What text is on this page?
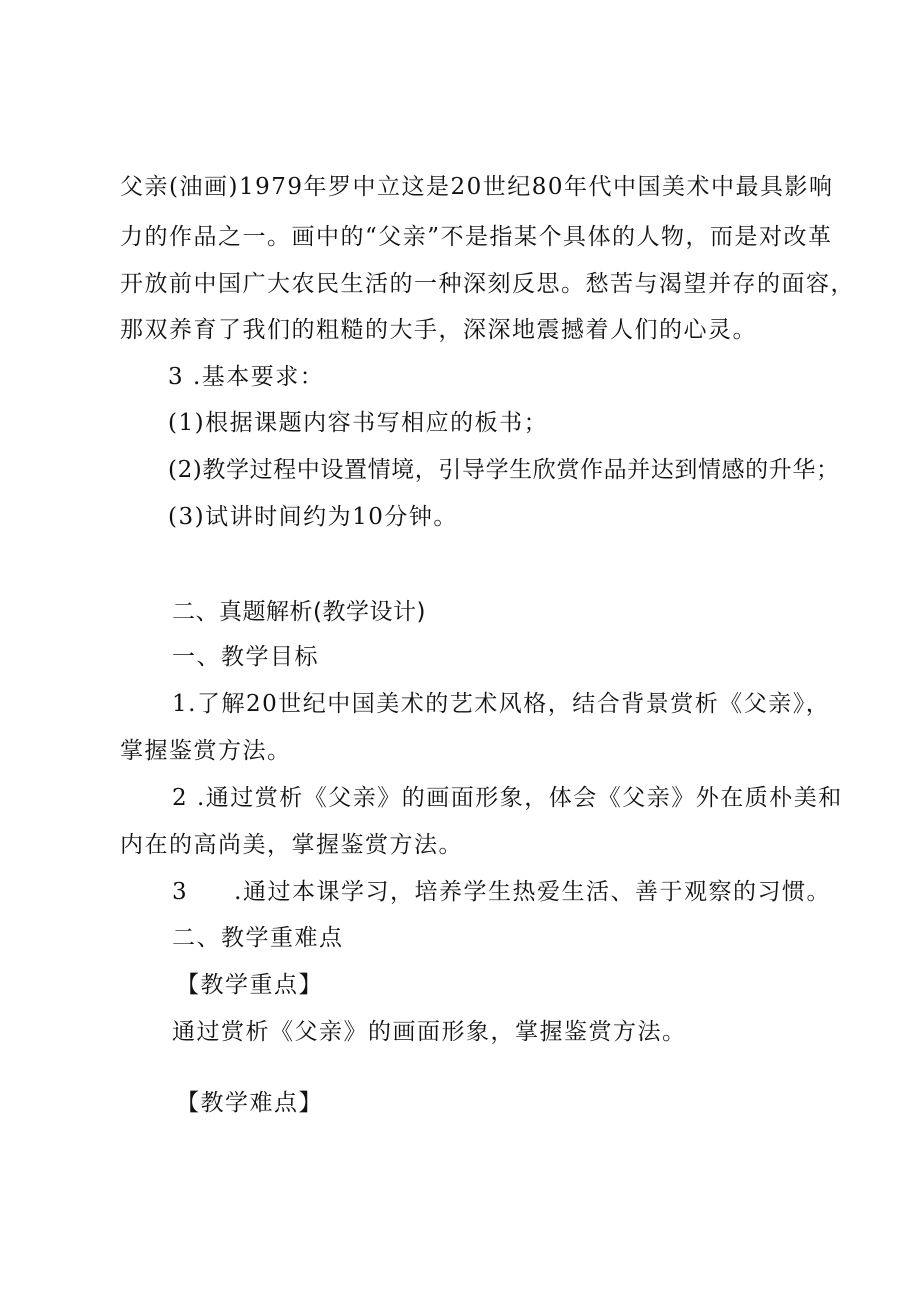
父亲(油画)1979年罗中立这是20世纪80年代中国美术中最具影响
力的作品之一。画中的“父亲”不是指某个具体的人物，而是对改革
开放前中国广大农民生活的一种深刻反思。愁苦与渴望并存的面容，
那双养育了我们的粗糙的大手，深深地震撼着人们的心灵。
3 .基本要求：
(1)根据课题内容书写相应的板书；
(2)教学过程中设置情境，引导学生欣赏作品并达到情感的升华；
(3)试讲时间约为10分钟。
二、真题解析(教学设计)
一、教学目标
1.了解20世纪中国美术的艺术风格，结合背景赏析《父亲》，
掌握鉴赏方法。
2 .通过赏析《父亲》的画面形象，体会《父亲》外在质朴美和
内在的高尚美，掌握鉴赏方法。
3 .通过本课学习，培养学生热爱生活、善于观察的习惯。
二、教学重难点
【教学重点】
通过赏析《父亲》的画面形象，掌握鉴赏方法。
【教学难点】
